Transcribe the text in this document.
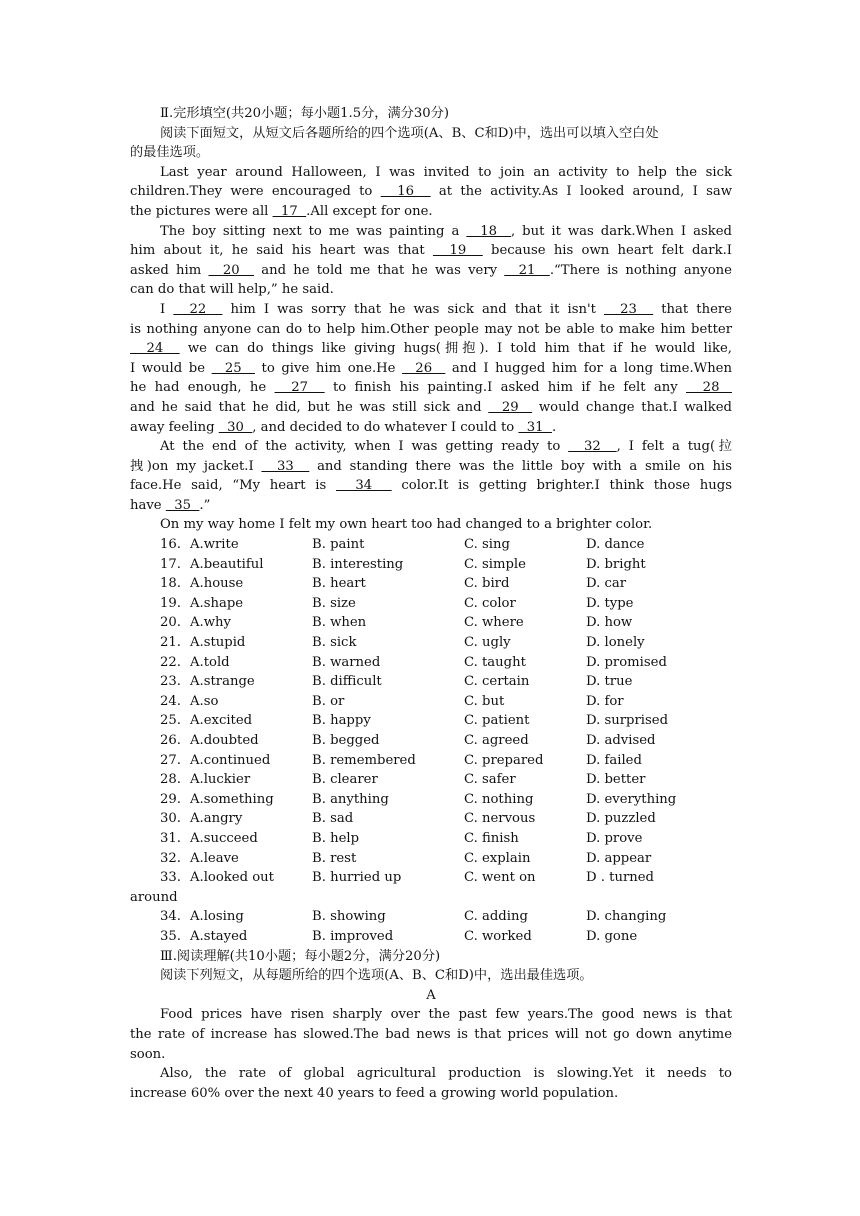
Ⅱ.完形填空(共20小题；每小题1.5分，满分30分)
阅读下面短文，从短文后各题所给的四个选项(A、B、C和D)中，选出可以填入空白处
的最佳选项。
Last year around Halloween, I was invited to join an activity to help the sick
children.They were encouraged to   16   at the activity.As I looked around, I saw
the pictures were all   17  .All except for one.
The boy sitting next to me was painting a   18  , but it was dark.When I asked
him about it, he said his heart was that   19   because his own heart felt dark.I
asked him   20   and he told me that he was very   21  .“There is nothing anyone
can do that will help,” he said.
I   22   him I was sorry that he was sick and that it isn't   23   that there
is nothing anyone can do to help him.Other people may not be able to make him better
24   we can do things like giving hugs(拥抱). I told him that if he would like,
I would be   25   to give him one.He   26   and I hugged him for a long time.When
he had enough, he   27   to finish his painting.I asked him if he felt any   28
and he said that he did, but he was still sick and   29   would change that.I walked
away feeling   30  , and decided to do whatever I could to   31  .
At the end of the activity, when I was getting ready to   32  , I felt a tug(拉
拽)on my jacket.I   33   and standing there was the little boy with a smile on his
face.He said, “My heart is   34   color.It is getting brighter.I think those hugs
have   35  .”
On my way home I felt my own heart too had changed to a brighter color.
16. A.write	B. paint	C. sing	D. dance
17. A.beautiful	B. interesting	C. simple	D. bright
18. A.house	B. heart	C. bird	D. car
19. A.shape	B. size	C. color	D. type
20. A.why	B. when	C. where	D. how
21. A.stupid	B. sick	C. ugly	D. lonely
22. A.told	B. warned	C. taught	D. promised
23. A.strange	B. difficult	C. certain	D. true
24. A.so	B. or	C. but	D. for
25. A.excited	B. happy	C. patient	D. surprised
26. A.doubted	B. begged	C. agreed	D. advised
27. A.continued	B. remembered	C. prepared	D. failed
28. A.luckier	B. clearer	C. safer	D. better
29. A.something	B. anything	C. nothing	D. everything
30. A.angry	B. sad	C. nervous	D. puzzled
31. A.succeed	B. help	C. finish	D. prove
32. A.leave	B. rest	C. explain	D. appear
33. A.looked out	B. hurried up	C. went on	D . turned
around
34. A.losing	B. showing	C. adding	D. changing
35. A.stayed	B. improved	C. worked	D. gone
Ⅲ.阅读理解(共10小题；每小题2分，满分20分)
阅读下列短文，从每题所给的四个选项(A、B、C和D)中，选出最佳选项。
A
Food prices have risen sharply over the past few years.The good news is that
the rate of increase has slowed.The bad news is that prices will not go down anytime
soon.
Also, the rate of global agricultural production is slowing.Yet it needs to
increase 60% over the next 40 years to feed a growing world population.
